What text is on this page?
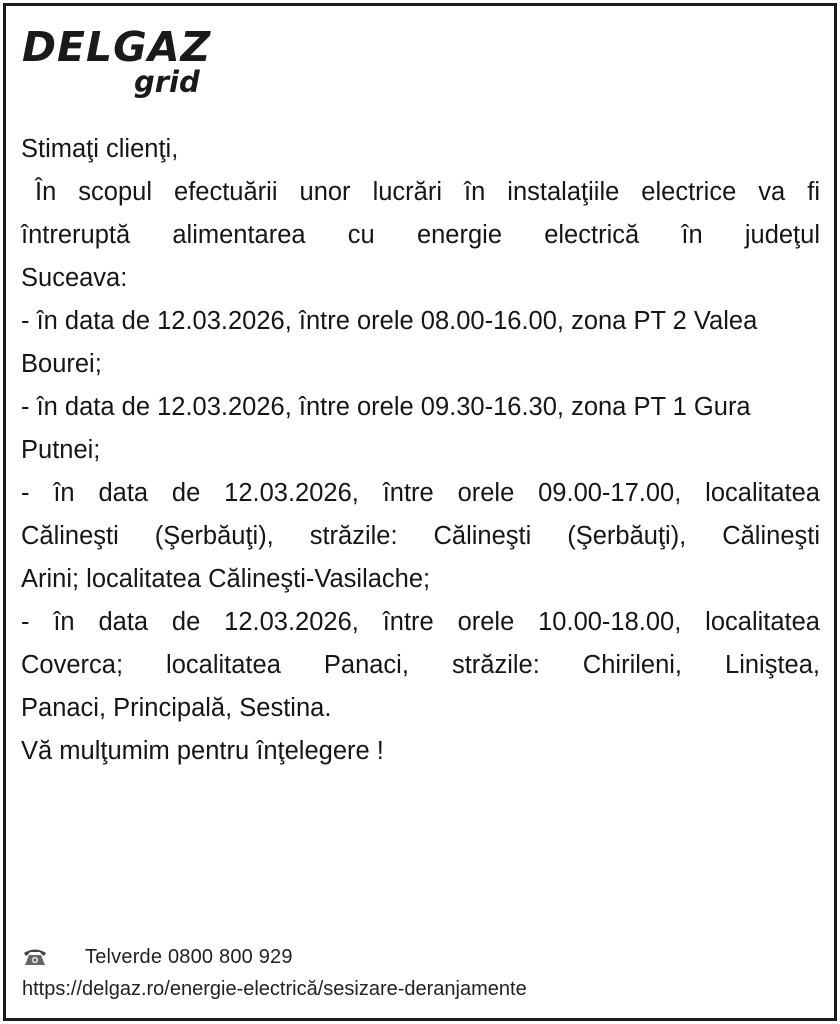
DELGAZ
grid
Stimaţi clienţi,
În scopul efectuării unor lucrări în instalaţiile electrice va fi
întreruptă alimentarea cu energie electrică în judeţul
Suceava:
- în data de 12.03.2026, între orele 08.00-16.00, zona PT 2 Valea
Bourei;
- în data de 12.03.2026, între orele 09.30-16.30, zona PT 1 Gura
Putnei;
- în data de 12.03.2026, între orele 09.00-17.00, localitatea
Călineşti (Şerbăuţi), străzile: Călineşti (Şerbăuţi), Călineşti
Arini; localitatea Călineşti-Vasilache;
- în data de 12.03.2026, între orele 10.00-18.00, localitatea
Coverca; localitatea Panaci, străzile: Chirileni, Liniştea,
Panaci, Principală, Sestina.
Vă mulţumim pentru înţelegere !
Telverde 0800 800 929
https://delgaz.ro/energie-electrică/sesizare-deranjamente
